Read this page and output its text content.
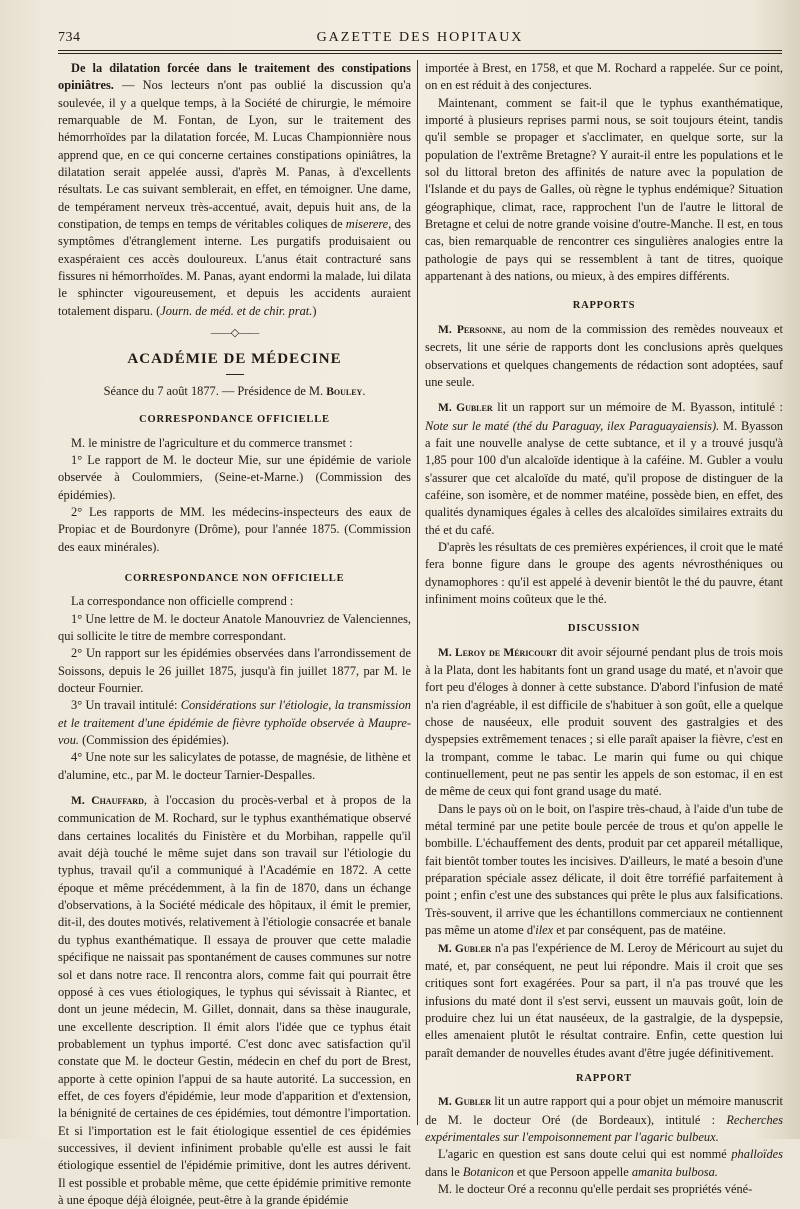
734	GAZETTE DES HOPITAUX

De la dilatation forcée dans le traitement des constipations opiniâtres. — Nos lecteurs n'ont pas oublié la discussion qu'a soulevée, il y a quelque temps, à la Société de chirurgie, le mémoire remarquable de M. Fontan, de Lyon, sur le traitement des hémorrhoïdes par la dilatation forcée, M. Lucas Championnière nous apprend que, en ce qui concerne certaines constipations opiniâtres, la dilatation serait appelée aussi, d'après M. Panas, à d'excellents résultats. Le cas suivant semblerait, en effet, en témoigner. Une dame, de tempérament nerveux très-accentué, avait, depuis huit ans, de la constipation, de temps en temps de véritables coliques de miserere, des symptômes d'étranglement interne. Les purgatifs produisaient ou exaspéraient ces accès douloureux. L'anus était contracturé sans fissures ni hémorrhoïdes. M. Panas, ayant endormi la malade, lui dilata le sphincter vigoureusement, et depuis les accidents auraient totalement disparu. (Journ. de méd. et de chir. prat.)

——◇——
ACADÉMIE DE MÉDECINE
Séance du 7 août 1877. — Présidence de M. Bouley.
CORRESPONDANCE OFFICIELLE

M. le ministre de l'agriculture et du commerce transmet :

1° Le rapport de M. le docteur Mie, sur une épidémie de variole observée à Coulommiers, (Seine-et-Marne.) (Commission des épidémies).

2° Les rapports de MM. les médecins-inspecteurs des eaux de Propiac et de Bourdonyre (Drôme), pour l'année 1875. (Commission des eaux minérales).

CORRESPONDANCE NON OFFICIELLE

La correspondance non officielle comprend :

1° Une lettre de M. le docteur Anatole Manouvriez de Valenciennes, qui sollicite le titre de membre correspondant.

2° Un rapport sur les épidémies observées dans l'arrondissement de Soissons, depuis le 26 juillet 1875, jusqu'à fin juillet 1877, par M. le docteur Fournier.

3° Un travail intitulé: Considérations sur l'étiologie, la transmission et le traitement d'une épidémie de fièvre typhoïde observée à Maupre-vou. (Commission des épidémies).

4° Une note sur les salicylates de potasse, de magnésie, de lithène et d'alumine, etc., par M. le docteur Tarnier-Despalles.

M. Chauffard, à l'occasion du procès-verbal et à propos de la communication de M. Rochard, sur le typhus exanthématique observé dans certaines localités du Finistère et du Morbihan, rappelle qu'il avait déjà touché le même sujet dans son travail sur l'étiologie du typhus, travail qu'il a communiqué à l'Académie en 1872. A cette époque et même précédemment, à la fin de 1870, dans un échange d'observations, à la Société médicale des hôpitaux, il émit le premier, dit-il, des doutes motivés, relativement à l'étiologie consacrée et banale du typhus exanthématique. Il essaya de prouver que cette maladie spécifique ne naissait pas spontanément de causes communes sur notre sol et dans notre race. Il rencontra alors, comme fait qui pourrait être opposé à ces vues étiologiques, le typhus qui sévissait à Riantec, et dont un jeune médecin, M. Gillet, donnait, dans sa thèse inaugurale, une excellente description. Il émit alors l'idée que ce typhus était probablement un typhus importé. C'est donc avec satisfaction qu'il constate que M. le docteur Gestin, médecin en chef du port de Brest, apporte à cette opinion l'appui de sa haute autorité. La succession, en effet, de ces foyers d'épidémie, leur mode d'apparition et d'extension, la bénignité de certaines de ces épidémies, tout démontre l'importation. Et si l'importation est le fait étiologique essentiel de ces épidémies successives, il devient infiniment probable qu'elle est aussi le fait étiologique essentiel de l'épidémie primitive, dont les autres dérivent. Il est possible et probable même, que cette épidémie primitive remonte à une époque déjà éloignée, peut-être à la grande épidémie

importée à Brest, en 1758, et que M. Rochard a rappelée. Sur ce point, on en est réduit à des conjectures.

Maintenant, comment se fait-il que le typhus exanthématique, importé à plusieurs reprises parmi nous, se soit toujours éteint, tandis qu'il semble se propager et s'acclimater, en quelque sorte, sur la population de l'extrême Bretagne? Y aurait-il entre les populations et le sol du littoral breton des affinités de nature avec la population de l'Islande et du pays de Galles, où règne le typhus endémique? Situation géographique, climat, race, rapprochent l'un de l'autre le littoral de Bretagne et celui de notre grande voisine d'outre-Manche. Il est, en tous cas, bien remarquable de rencontrer ces singulières analogies entre la pathologie de pays qui se ressemblent à tant de titres, quoique appartenant à des nations, ou mieux, à des empires différents.

RAPPORTS

M. Personne, au nom de la commission des remèdes nouveaux et secrets, lit une série de rapports dont les conclusions après quelques observations et quelques changements de rédaction sont adoptées, sauf une seule.

M. Gubler lit un rapport sur un mémoire de M. Byasson, intitulé : Note sur le maté (thé du Paraguay, ilex Paraguayaiensis). M. Byasson a fait une nouvelle analyse de cette subtance, et il y a trouvé jusqu'à 1,85 pour 100 d'un alcaloïde identique à la caféine. M. Gubler a voulu s'assurer que cet alcaloïde du maté, qu'il propose de distinguer de la caféine, son isomère, et de nommer matéine, possède bien, en effet, des qualités dynamiques égales à celles des alcaloïdes similaires extraits du thé et du café.

D'après les résultats de ces premières expériences, il croit que le maté fera bonne figure dans le groupe des agents névrosthéniques ou dynamophores : qu'il est appelé à devenir bientôt le thé du pauvre, étant infiniment moins coûteux que le thé.

DISCUSSION

M. Leroy de Méricourt dit avoir séjourné pendant plus de trois mois à la Plata, dont les habitants font un grand usage du maté, et n'avoir que fort peu d'éloges à donner à cette substance. D'abord l'infusion de maté n'a rien d'agréable, il est difficile de s'habituer à son goût, elle a quelque chose de nauséeux, elle produit souvent des gastralgies et des dyspepsies extrêmement tenaces ; si elle paraît apaiser la fièvre, c'est en la trompant, comme le tabac. Le marin qui fume ou qui chique continuellement, peut ne pas sentir les appels de son estomac, il en est de même de ceux qui font grand usage du maté.

Dans le pays où on le boit, on l'aspire très-chaud, à l'aide d'un tube de métal terminé par une petite boule percée de trous et qu'on appelle le bombille. L'échauffement des dents, produit par cet appareil métallique, fait bientôt tomber toutes les incisives. D'ailleurs, le maté a besoin d'une préparation spéciale assez délicate, il doit être torréfié parfaitement à point ; enfin c'est une des substances qui prête le plus aux falsifications. Très-souvent, il arrive que les échantillons commerciaux ne contiennent pas même un atome d'ilex et par conséquent, pas de matéine.

M. Gubler n'a pas l'expérience de M. Leroy de Méricourt au sujet du maté, et, par conséquent, ne peut lui répondre. Mais il croit que ses critiques sont fort exagérées. Pour sa part, il n'a pas trouvé que les infusions du maté dont il s'est servi, eussent un mauvais goût, loin de produire chez lui un état nauséeux, de la gastralgie, de la dyspepsie, elles amenaient plutôt le résultat contraire. Enfin, cette question lui paraît demander de nouvelles études avant d'être jugée définitivement.

RAPPORT

M. Gubler lit un autre rapport qui a pour objet un mémoire manuscrit de M. le docteur Oré (de Bordeaux), intitulé : Recherches expérimentales sur l'empoisonnement par l'agaric bulbeux.

L'agaric en question est sans doute celui qui est nommé phalloïdes dans le Botanicon et que Persoon appelle amanita bulbosa.

M. le docteur Oré a reconnu qu'elle perdait ses propriétés véné-
